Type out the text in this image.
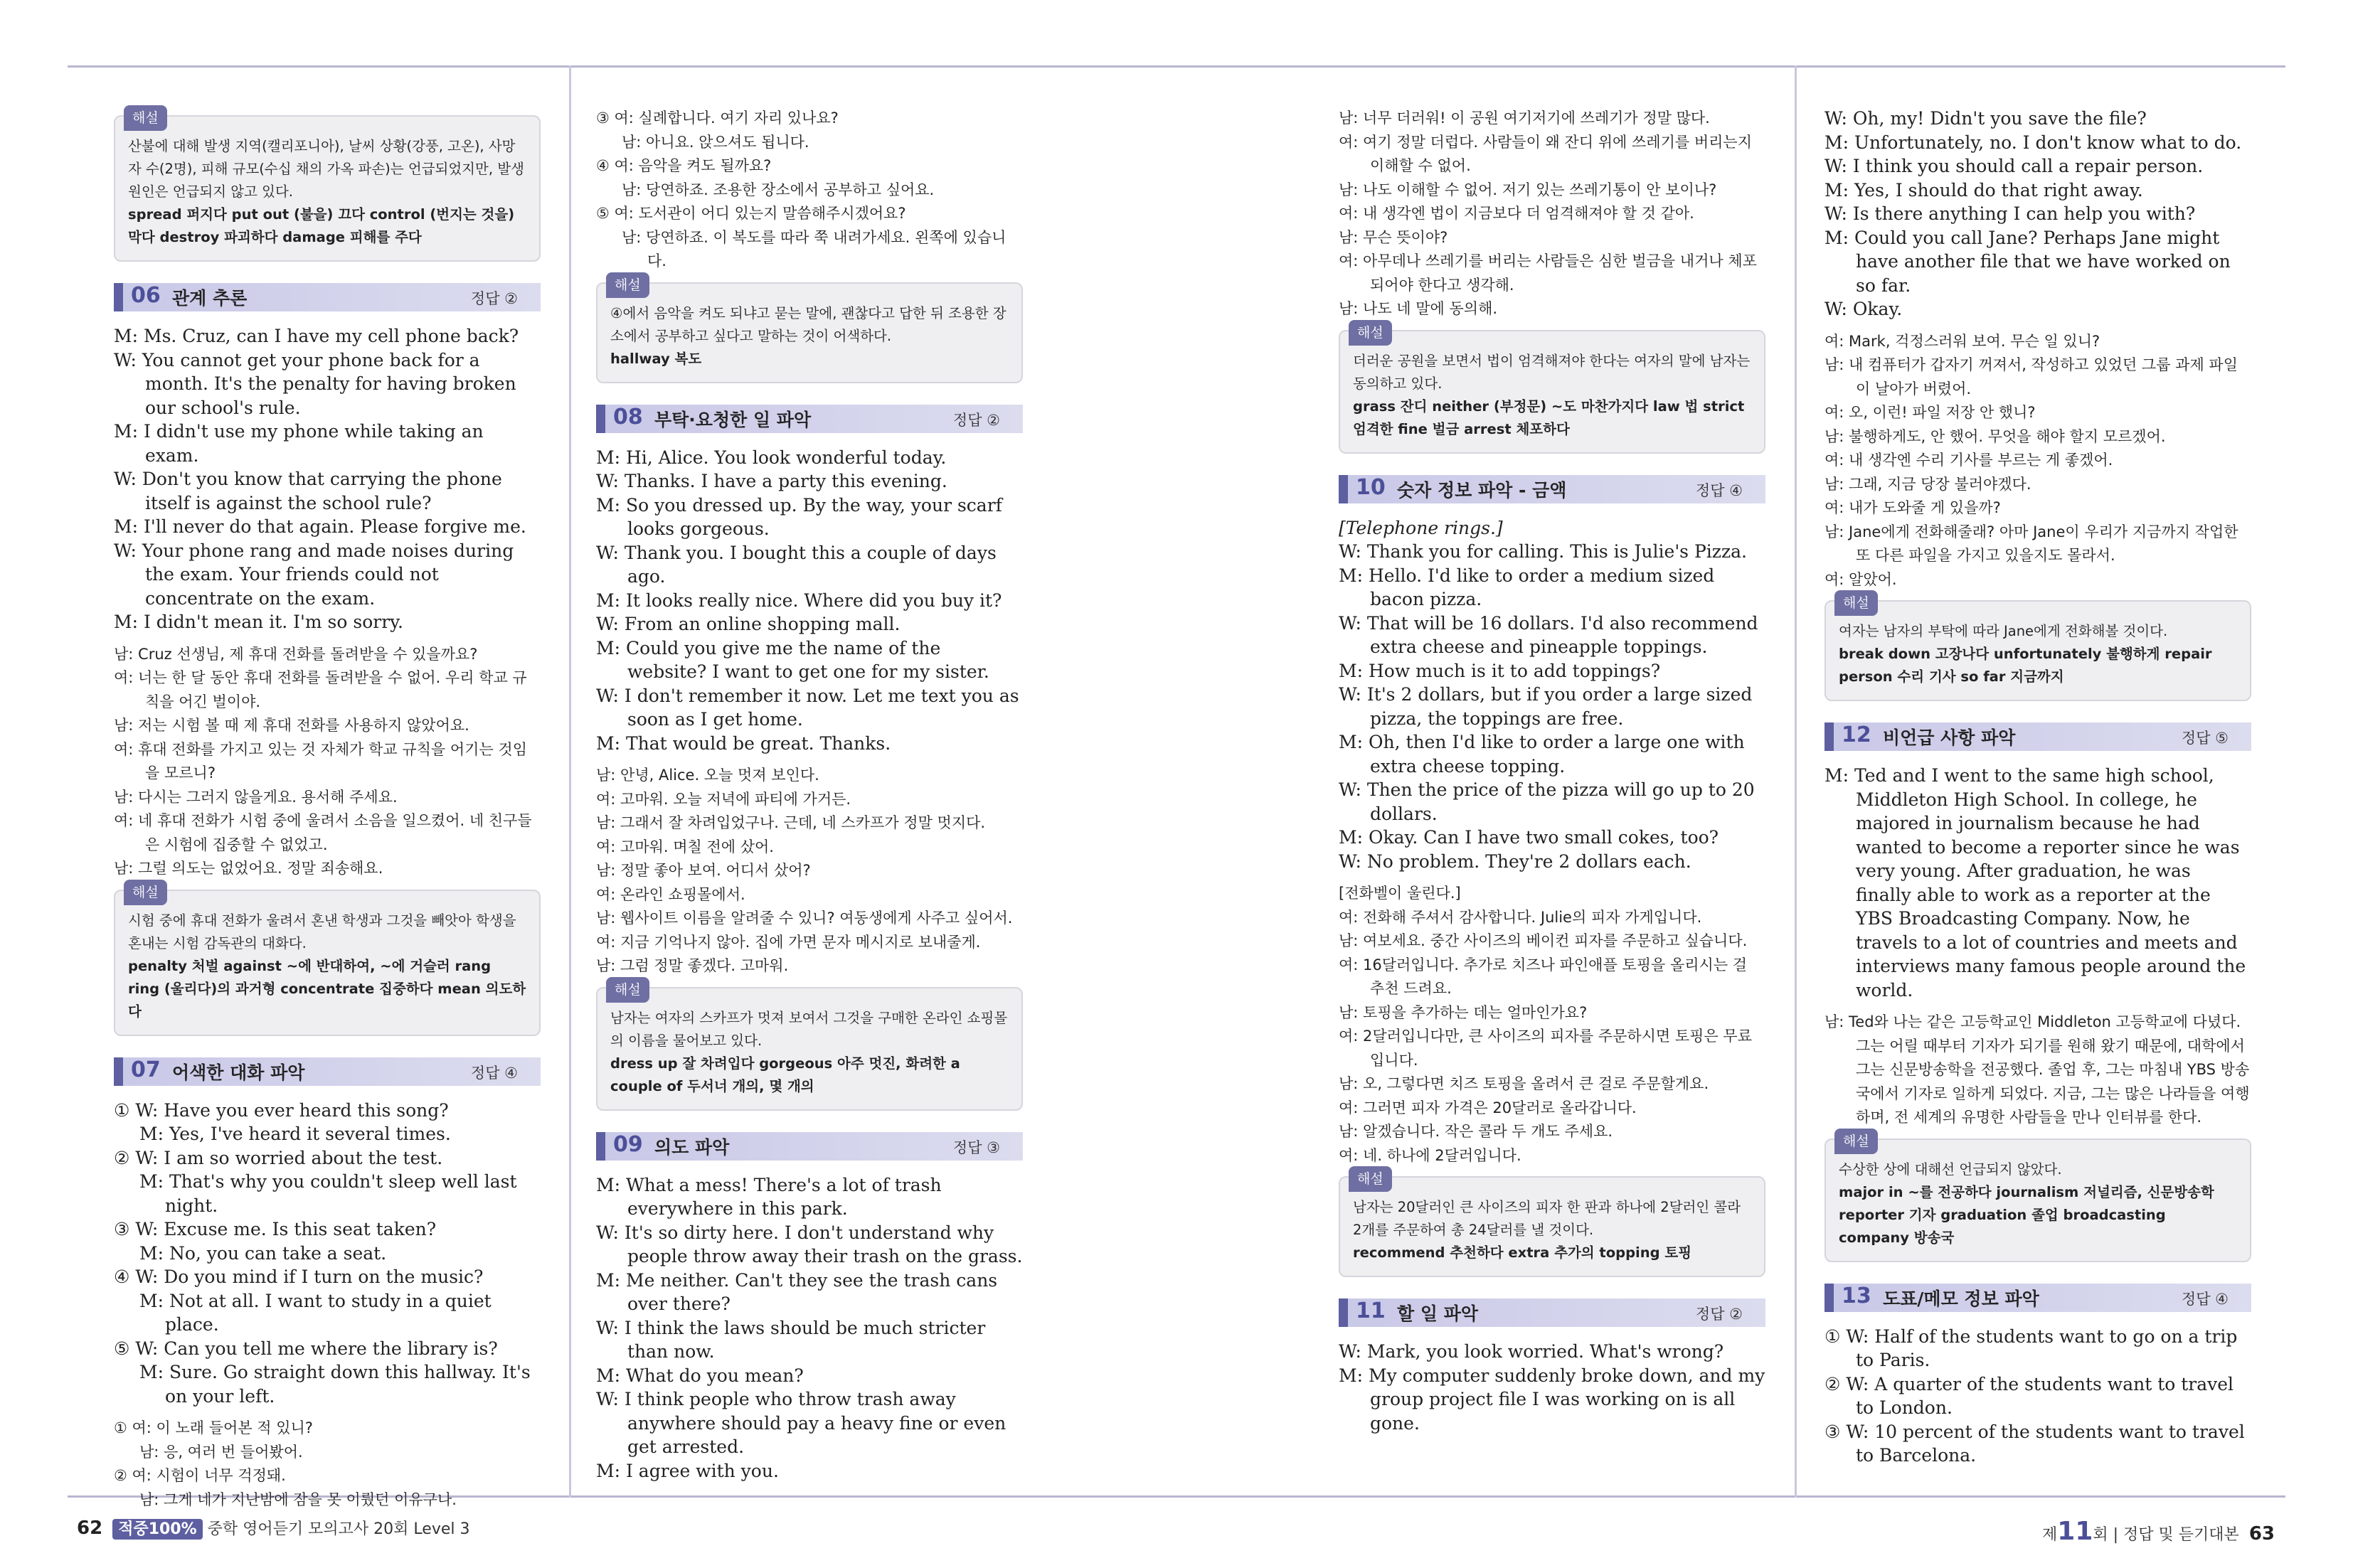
해설
산불에 대해 발생 지역(캘리포니아), 날씨 상황(강풍, 고온), 사망자 수(2명), 피해 규모(수십 채의 가옥 파손)는 언급되었지만, 발생 원인은 언급되지 않고 있다.
spread 퍼지다 put out (불을) 끄다 control (번지는 것을) 막다 destroy 파괴하다 damage 피해를 주다
06 관계 추론	정답 ②

M: Ms. Cruz, can I have my cell phone back?

W: You cannot get your phone back for a month. It's the penalty for having broken our school's rule.

M: I didn't use my phone while taking an exam.

W: Don't you know that carrying the phone itself is against the school rule?

M: I'll never do that again. Please forgive me.

W: Your phone rang and made noises during the exam. Your friends could not concentrate on the exam.

M: I didn't mean it. I'm so sorry.

남: Cruz 선생님, 제 휴대 전화를 돌려받을 수 있을까요?

여: 너는 한 달 동안 휴대 전화를 돌려받을 수 없어. 우리 학교 규칙을 어긴 벌이야.

남: 저는 시험 볼 때 제 휴대 전화를 사용하지 않았어요.

여: 휴대 전화를 가지고 있는 것 자체가 학교 규칙을 어기는 것임을 모르니?

남: 다시는 그러지 않을게요. 용서해 주세요.

여: 네 휴대 전화가 시험 중에 울려서 소음을 일으켰어. 네 친구들은 시험에 집중할 수 없었고.

남: 그럴 의도는 없었어요. 정말 죄송해요.

해설
시험 중에 휴대 전화가 울려서 혼낸 학생과 그것을 빼앗아 학생을 혼내는 시험 감독관의 대화다.
penalty 처벌 against ~에 반대하여, ~에 거슬러 rang ring (울리다)의 과거형 concentrate 집중하다 mean 의도하다
07 어색한 대화 파악	정답 ④

① W: Have you ever heard this song?

M: Yes, I've heard it several times.

② W: I am so worried about the test.

M: That's why you couldn't sleep well last night.

③ W: Excuse me. Is this seat taken?

M: No, you can take a seat.

④ W: Do you mind if I turn on the music?

M: Not at all. I want to study in a quiet place.

⑤ W: Can you tell me where the library is?

M: Sure. Go straight down this hallway. It's on your left.

① 여: 이 노래 들어본 적 있니?

남: 응, 여러 번 들어봤어.

② 여: 시험이 너무 걱정돼.

남: 그게 네가 지난밤에 잠을 못 이뤘던 이유구나.

③ 여: 실례합니다. 여기 자리 있나요?

남: 아니요. 앉으셔도 됩니다.

④ 여: 음악을 켜도 될까요?

남: 당연하죠. 조용한 장소에서 공부하고 싶어요.

⑤ 여: 도서관이 어디 있는지 말씀해주시겠어요?

남: 당연하죠. 이 복도를 따라 쭉 내려가세요. 왼쪽에 있습니다.

해설
④에서 음악을 켜도 되냐고 묻는 말에, 괜찮다고 답한 뒤 조용한 장소에서 공부하고 싶다고 말하는 것이 어색하다.
hallway 복도
08 부탁·요청한 일 파악	정답 ②

M: Hi, Alice. You look wonderful today.

W: Thanks. I have a party this evening.

M: So you dressed up. By the way, your scarf looks gorgeous.

W: Thank you. I bought this a couple of days ago.

M: It looks really nice. Where did you buy it?

W: From an online shopping mall.

M: Could you give me the name of the website? I want to get one for my sister.

W: I don't remember it now. Let me text you as soon as I get home.

M: That would be great. Thanks.

남: 안녕, Alice. 오늘 멋져 보인다.

여: 고마워. 오늘 저녁에 파티에 가거든.

남: 그래서 잘 차려입었구나. 근데, 네 스카프가 정말 멋지다.

여: 고마워. 며칠 전에 샀어.

남: 정말 좋아 보여. 어디서 샀어?

여: 온라인 쇼핑몰에서.

남: 웹사이트 이름을 알려줄 수 있니? 여동생에게 사주고 싶어서.

여: 지금 기억나지 않아. 집에 가면 문자 메시지로 보내줄게.

남: 그럼 정말 좋겠다. 고마워.

해설
남자는 여자의 스카프가 멋져 보여서 그것을 구매한 온라인 쇼핑몰의 이름을 물어보고 있다.
dress up 잘 차려입다 gorgeous 아주 멋진, 화려한 a couple of 두서너 개의, 몇 개의
09 의도 파악	정답 ③

M: What a mess! There's a lot of trash everywhere in this park.

W: It's so dirty here. I don't understand why people throw away their trash on the grass.

M: Me neither. Can't they see the trash cans over there?

W: I think the laws should be much stricter than now.

M: What do you mean?

W: I think people who throw trash away anywhere should pay a heavy fine or even get arrested.

M: I agree with you.

남: 너무 더러워! 이 공원 여기저기에 쓰레기가 정말 많다.

여: 여기 정말 더럽다. 사람들이 왜 잔디 위에 쓰레기를 버리는지 이해할 수 없어.

남: 나도 이해할 수 없어. 저기 있는 쓰레기통이 안 보이나?

여: 내 생각엔 법이 지금보다 더 엄격해져야 할 것 같아.

남: 무슨 뜻이야?

여: 아무데나 쓰레기를 버리는 사람들은 심한 벌금을 내거나 체포되어야 한다고 생각해.

남: 나도 네 말에 동의해.

해설
더러운 공원을 보면서 법이 엄격해져야 한다는 여자의 말에 남자는 동의하고 있다.
grass 잔디 neither (부정문) ~도 마찬가지다 law 법 strict 엄격한 fine 벌금 arrest 체포하다
10 숫자 정보 파악 - 금액	정답 ④

[Telephone rings.]

W: Thank you for calling. This is Julie's Pizza.

M: Hello. I'd like to order a medium sized bacon pizza.

W: That will be 16 dollars. I'd also recommend extra cheese and pineapple toppings.

M: How much is it to add toppings?

W: It's 2 dollars, but if you order a large sized pizza, the toppings are free.

M: Oh, then I'd like to order a large one with extra cheese topping.

W: Then the price of the pizza will go up to 20 dollars.

M: Okay. Can I have two small cokes, too?

W: No problem. They're 2 dollars each.

[전화벨이 울린다.]

여: 전화해 주셔서 감사합니다. Julie의 피자 가게입니다.

남: 여보세요. 중간 사이즈의 베이컨 피자를 주문하고 싶습니다.

여: 16달러입니다. 추가로 치즈나 파인애플 토핑을 올리시는 걸 추천 드려요.

남: 토핑을 추가하는 데는 얼마인가요?

여: 2달러입니다만, 큰 사이즈의 피자를 주문하시면 토핑은 무료입니다.

남: 오, 그렇다면 치즈 토핑을 올려서 큰 걸로 주문할게요.

여: 그러면 피자 가격은 20달러로 올라갑니다.

남: 알겠습니다. 작은 콜라 두 개도 주세요.

여: 네. 하나에 2달러입니다.

해설
남자는 20달러인 큰 사이즈의 피자 한 판과 하나에 2달러인 콜라 2개를 주문하여 총 24달러를 낼 것이다.
recommend 추천하다 extra 추가의 topping 토핑
11 할 일 파악	정답 ②

W: Mark, you look worried. What's wrong?

M: My computer suddenly broke down, and my group project file I was working on is all gone.

W: Oh, my! Didn't you save the file?

M: Unfortunately, no. I don't know what to do.

W: I think you should call a repair person.

M: Yes, I should do that right away.

W: Is there anything I can help you with?

M: Could you call Jane? Perhaps Jane might have another file that we have worked on so far.

W: Okay.

여: Mark, 걱정스러워 보여. 무슨 일 있니?

남: 내 컴퓨터가 갑자기 꺼져서, 작성하고 있었던 그룹 과제 파일이 날아가 버렸어.

여: 오, 이런! 파일 저장 안 했니?

남: 불행하게도, 안 했어. 무엇을 해야 할지 모르겠어.

여: 내 생각엔 수리 기사를 부르는 게 좋겠어.

남: 그래, 지금 당장 불러야겠다.

여: 내가 도와줄 게 있을까?

남: Jane에게 전화해줄래? 아마 Jane이 우리가 지금까지 작업한 또 다른 파일을 가지고 있을지도 몰라서.

여: 알았어.

해설
여자는 남자의 부탁에 따라 Jane에게 전화해볼 것이다.
break down 고장나다 unfortunately 불행하게 repair person 수리 기사 so far 지금까지
12 비언급 사항 파악	정답 ⑤

M: Ted and I went to the same high school, Middleton High School. In college, he majored in journalism because he had wanted to become a reporter since he was very young. After graduation, he was finally able to work as a reporter at the YBS Broadcasting Company. Now, he travels to a lot of countries and meets and interviews many famous people around the world.

남: Ted와 나는 같은 고등학교인 Middleton 고등학교에 다녔다. 그는 어릴 때부터 기자가 되기를 원해 왔기 때문에, 대학에서 그는 신문방송학을 전공했다. 졸업 후, 그는 마침내 YBS 방송국에서 기자로 일하게 되었다. 지금, 그는 많은 나라들을 여행하며, 전 세계의 유명한 사람들을 만나 인터뷰를 한다.

해설
수상한 상에 대해선 언급되지 않았다.
major in ~를 전공하다 journalism 저널리즘, 신문방송학 reporter 기자 graduation 졸업 broadcasting company 방송국
13 도표/메모 정보 파악	정답 ④

① W: Half of the students want to go on a trip to Paris.

② W: A quarter of the students want to travel to London.

③ W: 10 percent of the students want to travel to Barcelona.

62 적중100% 중학 영어듣기 모의고사 20회 Level 3	제11회 | 정답 및 듣기대본 63
